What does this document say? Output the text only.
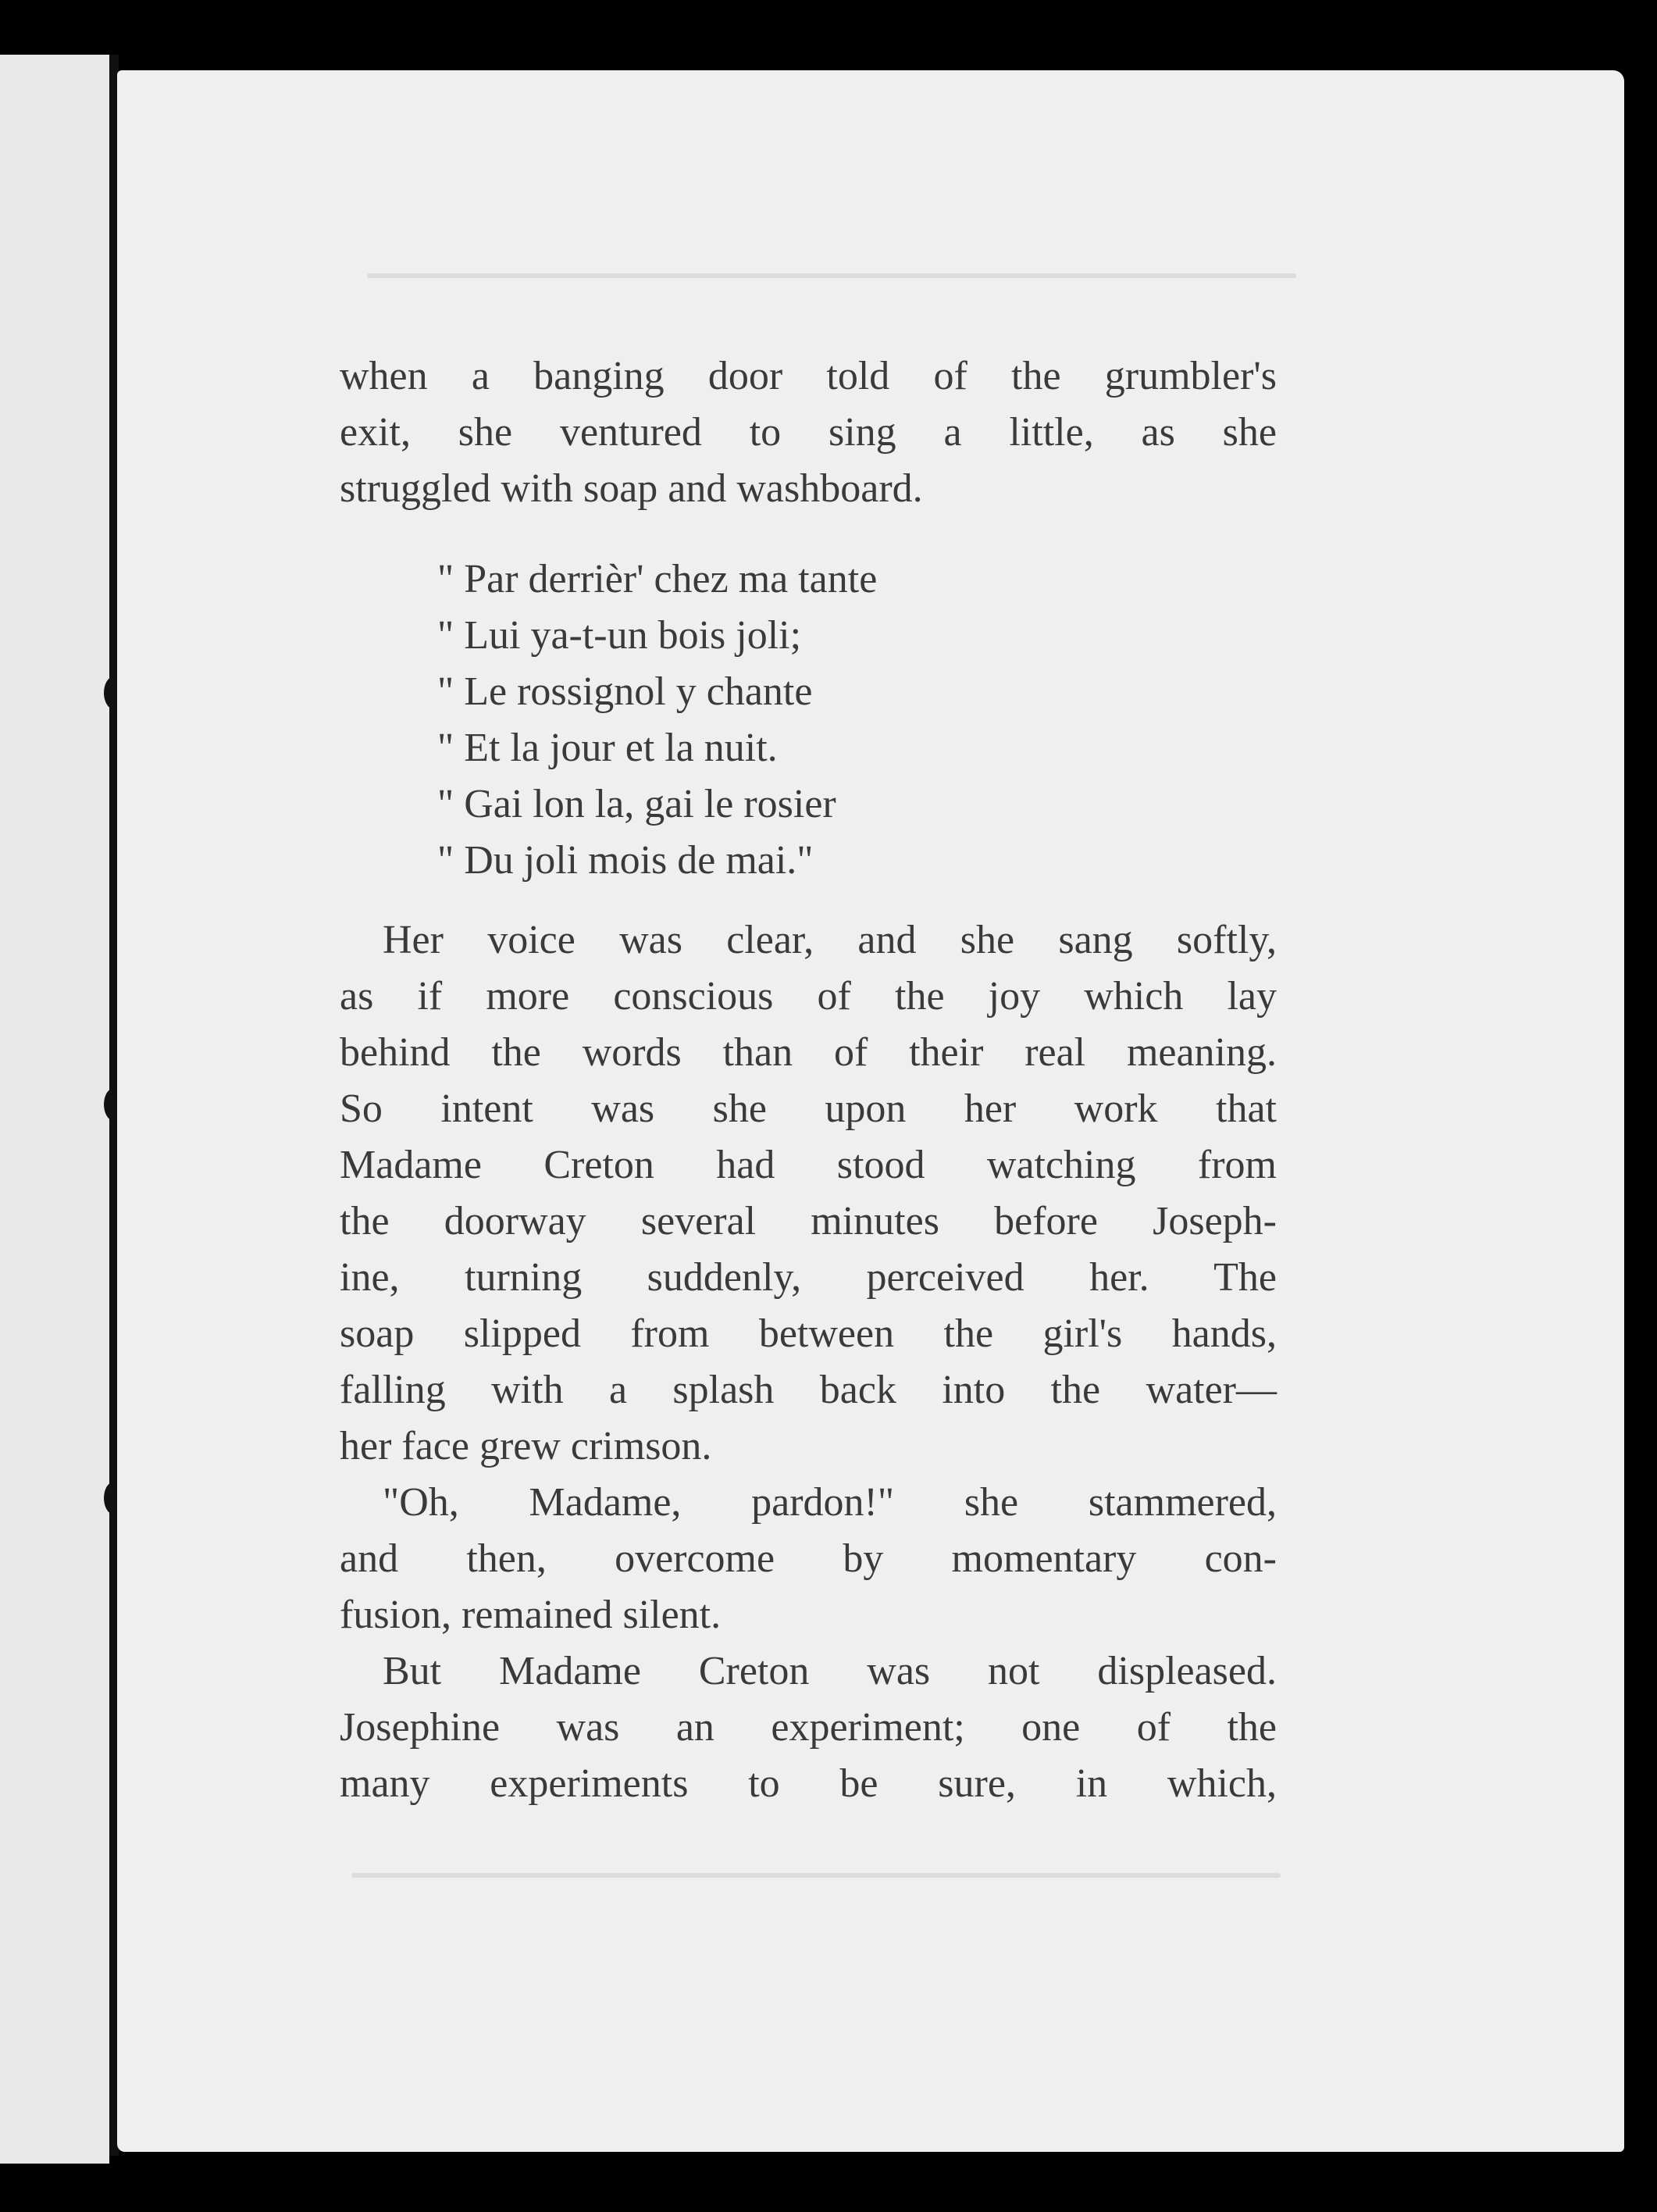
when a banging door told of the grumbler's
exit, she ventured to sing a little, as she
struggled with soap and washboard.
" Par derrièr' chez ma tante
" Lui ya-t-un bois joli;
" Le rossignol y chante
" Et la jour et la nuit.
" Gai lon la, gai le rosier
" Du joli mois de mai."
Her voice was clear, and she sang softly,
as if more conscious of the joy which lay
behind the words than of their real meaning.
So intent was she upon her work that
Madame Creton had stood watching from
the doorway several minutes before Joseph-
ine, turning suddenly, perceived her. The
soap slipped from between the girl's hands,
falling with a splash back into the water—
her face grew crimson.
"Oh, Madame, pardon!" she stammered,
and then, overcome by momentary con-
fusion, remained silent.
But Madame Creton was not displeased.
Josephine was an experiment; one of the
many experiments to be sure, in which,
